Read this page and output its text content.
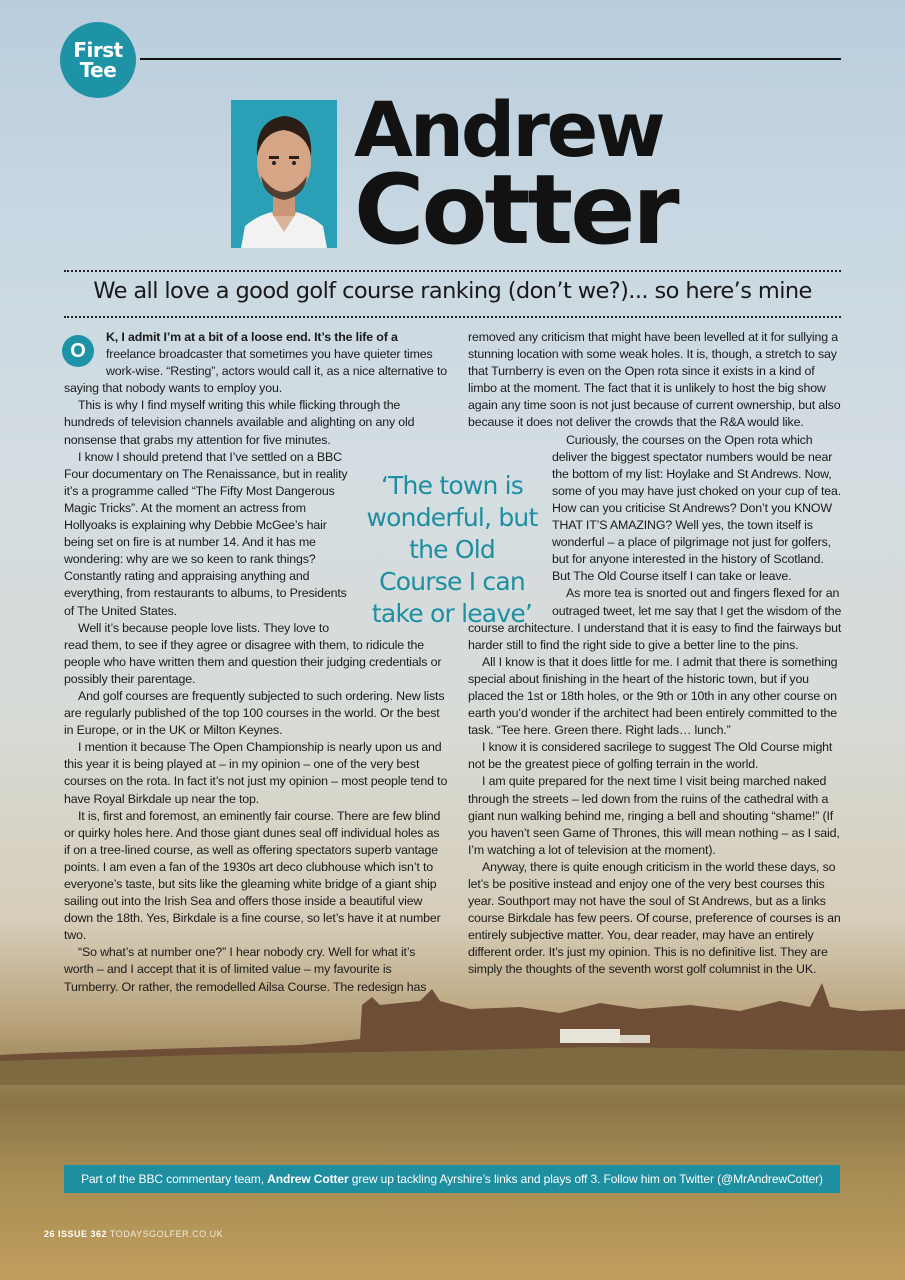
First
Tee
Andrew
Cotter
We all love a good golf course ranking (don’t we?)... so here’s mine

O
K, I admit I’m at a bit of a loose end. It’s the life of a freelance broadcaster that sometimes you have quieter times work-wise. “Resting”, actors would call it, as a nice alternative to saying that nobody wants to employ you.

This is why I find myself writing this while flicking through the hundreds of television channels available and alighting on any old nonsense that grabs my attention for five minutes.

I know I should pretend that I’ve settled on a BBC Four documentary on The Renaissance, but in reality it’s a programme called “The Fifty Most Dangerous Magic Tricks”. At the moment an actress from Hollyoaks is explaining why Debbie McGee’s hair being set on fire is at number 14. And it has me wondering: why are we so keen to rank things? Constantly rating and appraising anything and everything, from restaurants to albums, to Presidents of The United States.

Well it’s because people love lists. They love to read them, to see if they agree or disagree with them, to ridicule the people who have written them and question their judging credentials or possibly their parentage.

And golf courses are frequently subjected to such ordering. New lists are regularly published of the top 100 courses in the world. Or the best in Europe, or in the UK or Milton Keynes.

I mention it because The Open Championship is nearly upon us and this year it is being played at – in my opinion – one of the very best courses on the rota. In fact it’s not just my opinion – most people tend to have Royal Birkdale up near the top.

It is, first and foremost, an eminently fair course. There are few blind or quirky holes here. And those giant dunes seal off individual holes as if on a tree-lined course, as well as offering spectators superb vantage points. I am even a fan of the 1930s art deco clubhouse which isn’t to everyone’s taste, but sits like the gleaming white bridge of a giant ship sailing out into the Irish Sea and offers those inside a beautiful view down the 18th. Yes, Birkdale is a fine course, so let’s have it at number two.

“So what’s at number one?” I hear nobody cry. Well for what it’s worth – and I accept that it is of limited value – my favourite is Turnberry. Or rather, the remodelled Ailsa Course. The redesign has

removed any criticism that might have been levelled at it for sullying a stunning location with some weak holes. It is, though, a stretch to say that Turnberry is even on the Open rota since it exists in a kind of limbo at the moment. The fact that it is unlikely to host the big show again any time soon is not just because of current ownership, but also because it does not deliver the crowds that the R&A would like.

Curiously, the courses on the Open rota which deliver the biggest spectator numbers would be near the bottom of my list: Hoylake and St Andrews. Now, some of you may have just choked on your cup of tea. How can you criticise St Andrews? Don’t you KNOW THAT IT’S AMAZING? Well yes, the town itself is wonderful – a place of pilgrimage not just for golfers, but for anyone interested in the history of Scotland. But The Old Course itself I can take or leave.

As more tea is snorted out and fingers flexed for an outraged tweet, let me say that I get the wisdom of the course architecture. I understand that it is easy to find the fairways but harder still to find the right side to give a better line to the pins.

All I know is that it does little for me. I admit that there is something special about finishing in the heart of the historic town, but if you placed the 1st or 18th holes, or the 9th or 10th in any other course on earth you’d wonder if the architect had been entirely committed to the task. “Tee here. Green there. Right lads… lunch.”

I know it is considered sacrilege to suggest The Old Course might not be the greatest piece of golfing terrain in the world.

I am quite prepared for the next time I visit being marched naked through the streets – led down from the ruins of the cathedral with a giant nun walking behind me, ringing a bell and shouting “shame!” (If you haven’t seen Game of Thrones, this will mean nothing – as I said, I’m watching a lot of television at the moment).

Anyway, there is quite enough criticism in the world these days, so let’s be positive instead and enjoy one of the very best courses this year. Southport may not have the soul of St Andrews, but as a links course Birkdale has few peers. Of course, preference of courses is an entirely subjective matter. You, dear reader, may have an entirely different order. It’s just my opinion. This is no definitive list. They are simply the thoughts of the seventh worst golf columnist in the UK.

‘The town is wonderful, but the Old Course I can take or leave’
Part of the BBC commentary team, Andrew Cotter grew up tackling Ayrshire’s links and plays off 3. Follow him on Twitter (@MrAndrewCotter)
26 ISSUE 362 TODAYSGOLFER.CO.UK
